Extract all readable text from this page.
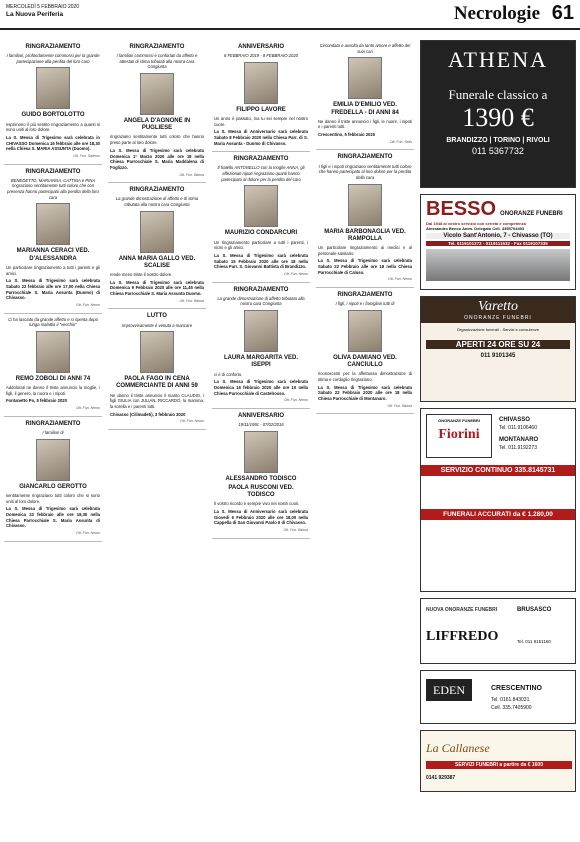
MERCOLEDÌ 5 FEBBRAIO 2020
La Nuova Periferia	Necrologie 61
RINGRAZIAMENTO
I familiari, profondamente commossi per la grande partecipazione alla perdita del loro caro
GUIDO BORTOLOTTO
esprimono il più sentito ringraziamento a quanti si sono uniti al loro dolore.
La S. Messa di Trigesimo sarà celebrata in CHIVASSO Domenica 16 febbraio alle ore 18,30 nella Chiesa S. MARIA ASSUNTA (Duomo).
Ott. Fun. Salerno
RINGRAZIAMENTO
BENEDETTO, MARIANNA, CATTINA e PINA ringraziano sentitamente tutti coloro che con presenza hanno partecipato alla perdita della loro cara
MARIANNA CERACI VED. D'ALESSANDRA
Un particolare ringraziamento a tutti i parenti e gli amici.
La S. Messa di Trigesimo sarà celebrata Sabato 22 febbraio alle ore 17,00 nella Chiesa Parrocchiale S. Maria Assunta (Duomo) di Chivasso.
Ott. Fun. Nemo
Ci ha lasciato da grande affetto e si spenta dopo lunga malattia il "vecchio"
REMO ZOBOLI DI ANNI 74
Addolorati ne danno il triste annuncio la moglie, i figli, il genero, la nuora e i nipoti.
Fontanetto Po, 5 febbraio 2020
Ott. Fun. Nemo
RINGRAZIAMENTO
I familiari di
GIANCARLO GEROTTO
sentitamente ringraziano tutti coloro che si sono uniti al loro dolore.
La S. Messa di Trigesimo sarà celebrata Domenica 23 febbraio alle ore 18,30 nella Chiesa Parrocchiale S. Maria Assunta di Chivasso.
Ott. Fun. Nemo
RINGRAZIAMENTO
I familiari commossi e confortati da affetto e attestati di stima tributati alla nostra cara Congiunta
ANGELA D'AGNONE IN PUGLIESE
ringraziano sentitamente tutti coloro che hanno preso parte al loro dolore.
La S. Messa di Trigesimo sarà celebrata Domenica 1° Marzo 2020 alle ore 18 nella Chiesa Parrocchiale S. Maria Maddalena di Foglizzo.
Ott. Fun. Baima
RINGRAZIAMENTO
La grande dimostrazione di affetto e di stima tributata alla nostra cara Congiunta
ANNA MARIA GALLO VED. SCALISE
rende meno triste il nostro dolore.
La S. Messa di Trigesimo sarà celebrata Domenica 9 Febbraio 2020 alle ore 11,45 nella Chiesa Parrocchiale S. Maria Assunta Duomo.
Ott. Fun. Baima
LUTTO
Improvvisamente è venuta a mancare
PAOLA FAGO IN CENA COMMERCIANTE DI ANNI 59
Ne danno il triste annuncio il marito CLAUDIO, i figli GIULIA con JULIAN, RICCARDO, la mamma, la sorella e i parenti tutti.
Chivasso (Cilimadeti), 3 febbraio 2020
Ott. Fun. Nemo
ANNIVERSARIO
8 FEBBRAIO 2019 - 8 FEBBRAIO 2020
FILIPPO LAVORE
Un anno è passato, ma tu sei sempre nel nostro cuore.
La S. Messa di Anniversario sarà celebrata Sabato 8 Febbraio 2020 nella Chiesa Parr. di S. Maria Assunta - Duomo di Chivasso.
RINGRAZIAMENTO
Il fratello ANTONELLO con la moglie ANNA, gli affezionati nipoti ringraziano quanti hanno partecipato al dolore per la perdita del caro
MAURIZIO CONDARCURI
Un ringraziamento particolare a tutti i parenti, i vicini e gli amici.
La S. Messa di Trigesimo sarà celebrata Sabato 15 Febbraio 2020 alle ore 18 nella Chiesa Parr. S. Giovanni Battista di Brandizzo.
Ott. Fun. Nemo
RINGRAZIAMENTO
La grande dimostrazione di affetto tributata alla nostra cara Congiunta
LAURA MARGARITA VED. ISEPPI
ci è di conforto.
La S. Messa di Trigesimo sarà celebrata Domenica 16 febbraio 2020 alle ore 10 nella Chiesa Parrocchiale di Castelrosso.
Ott. Fun. Nemo
ANNIVERSARIO
19/11/1991 - 07/02/2016
ALESSANDRO TODISCO
PAOLA RUSCONI VED. TODISCO
Il vostro ricordo è sempre vivo nei nostri cuori.
La S. Messa di Anniversario sarà celebrata Giovedì 6 Febbraio 2020 alle ore 18,00 nella Cappella di San Giovanni Paolo II di Chivasso.
Ott. Fun. Baima
Circondata e avvolta da tanto amore e affetto dei suoi cari
EMILIA D'EMILIO VED. FREDELLA - DI ANNI 84
Ne danno il triste annuncio i figli, le nuore, i nipoti e i parenti tutti.
Crescentino, 5 febbraio 2020
Ott. Fun. Selis
RINGRAZIAMENTO
I figli e i nipoti ringraziano sentitamente tutti coloro che hanno partecipato al loro dolore per la perdita della cara
MARIA BARBONAGLIA VED. RAMPOLLA
Un particolare ringraziamento ai medici e al personale sanitario.
La S. Messa di Trigesimo sarà celebrata Sabato 22 Febbraio alle ore 18 nella Chiesa Parrocchiale di Caluso.
Ott. Fun. Nemo
RINGRAZIAMENTO
I figli, i nipoti e i famigliari tutti di
OLIVA DAMIANO VED. CANCIULLO
riconoscenti per la affettuosa dimostrazione di stima e cordoglio ringraziano.
La S. Messa di Trigesimo sarà celebrata Sabato 22 Febbraio 2020 alle ore 18 nella Chiesa Parrocchiale di Montanaro.
Ott. Fun. Baima
ATHENA
Funerale classico a
1390 €
BRANDIZZO | TORINO | RIVOLI
011 5367732
BESSO ONORANZE FUNEBRI
Dal 1948 al vostro servizio con serietà e competenza
Alessandro Benco Amm. Delegato Cell. 3355704493
Vicolo Sant'Antonio, 7 - Chivasso (TO)
Tel. 0119101272 - 0119111532 - Fax 0119107335
Varetto
ONORANZE FUNEBRI
Organizzazione funerali - Servizi e consulenze
APERTI 24 ORE SU 24
011 9101345
ONORANZE FUNEBRI
Fiorini
CHIVASSO
Tel. 011.9106460
MONTANARO
Tel. 011.9192273
SERVIZIO CONTINUO 335.8145731
FUNERALI ACCURATI da € 1.280,00
NUOVA ONORANZE FUNEBRI
LIFFREDO
BRUSASCO
Tel. 011 9151160
EDEN	CRESCENTINO
Tel. 0161.843031
Cell. 335.7405900
La Callanese
SERVIZI FUNEBRI a partire da € 1600
0141 929387
